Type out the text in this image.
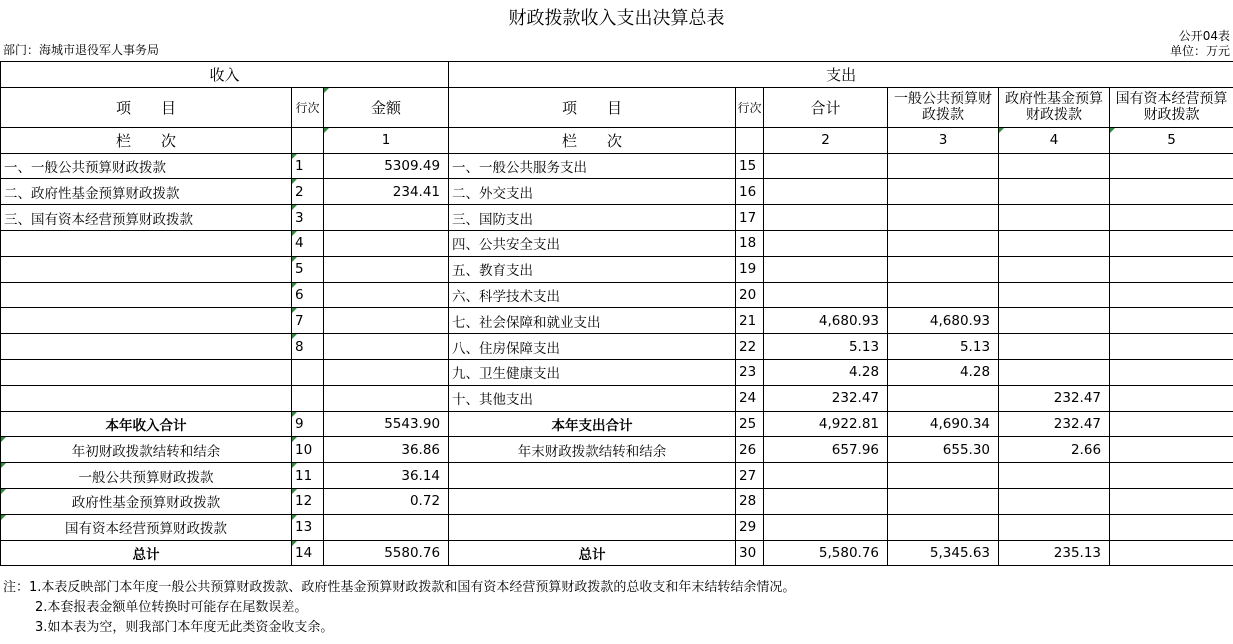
财政拨款收入支出决算总表
部门：海城市退役军人事务局
公开04表
单位：万元
收入			支出					
项　　目	行次	金额	项　　目	行次	合计	一般公共预算财政拨款	政府性基金预算财政拨款	国有资本经营预算财政拨款
栏　　次		1	栏　　次		2	3	4	5
一、一般公共预算财政拨款	1	5309.49	一、一般公共服务支出	15				
二、政府性基金预算财政拨款	2	234.41	二、外交支出	16				
三、国有资本经营预算财政拨款	3		三、国防支出	17				
	4		四、公共安全支出	18				
	5		五、教育支出	19				
	6		六、科学技术支出	20				
	7		七、社会保障和就业支出	21	4,680.93	4,680.93		
	8		八、住房保障支出	22	5.13	5.13		
			九、卫生健康支出	23	4.28	4.28		
			十、其他支出	24	232.47		232.47	
本年收入合计	9	5543.90	本年支出合计	25	4,922.81	4,690.34	232.47	
年初财政拨款结转和结余	10	36.86	年末财政拨款结转和结余	26	657.96	655.30	2.66	
一般公共预算财政拨款	11	36.14		27				
政府性基金预算财政拨款	12	0.72		28				
国有资本经营预算财政拨款	13			29				
总计	14	5580.76	总计	30	5,580.76	5,345.63	235.13	
注：1.本表反映部门本年度一般公共预算财政拨款、政府性基金预算财政拨款和国有资本经营预算财政拨款的总收支和年末结转结余情况。
2.本套报表金额单位转换时可能存在尾数误差。
3.如本表为空，则我部门本年度无此类资金收支余。
